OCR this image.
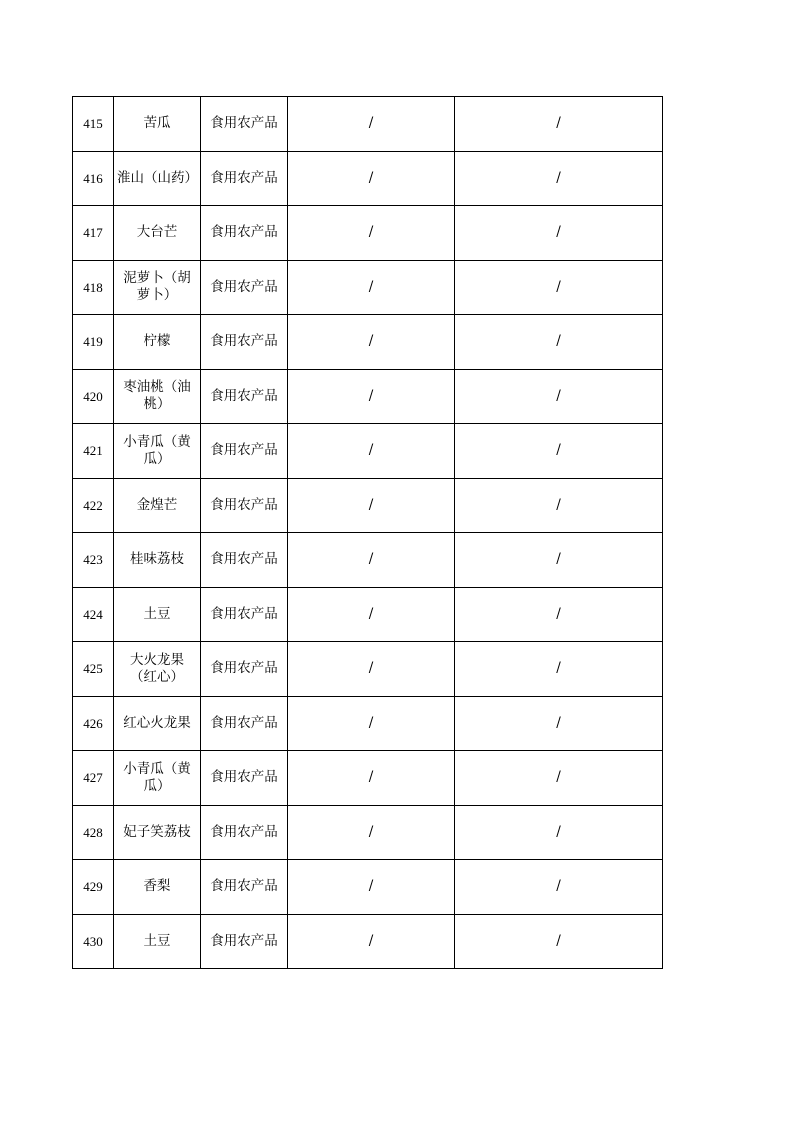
415	苦瓜	食用农产品	/	/
416	淮山（山药）	食用农产品	/	/
417	大台芒	食用农产品	/	/
418	泥萝卜（胡萝卜）	食用农产品	/	/
419	柠檬	食用农产品	/	/
420	枣油桃（油桃）	食用农产品	/	/
421	小青瓜（黄瓜）	食用农产品	/	/
422	金煌芒	食用农产品	/	/
423	桂味荔枝	食用农产品	/	/
424	土豆	食用农产品	/	/
425	大火龙果（红心）	食用农产品	/	/
426	红心火龙果	食用农产品	/	/
427	小青瓜（黄瓜）	食用农产品	/	/
428	妃子笑荔枝	食用农产品	/	/
429	香梨	食用农产品	/	/
430	土豆	食用农产品	/	/
